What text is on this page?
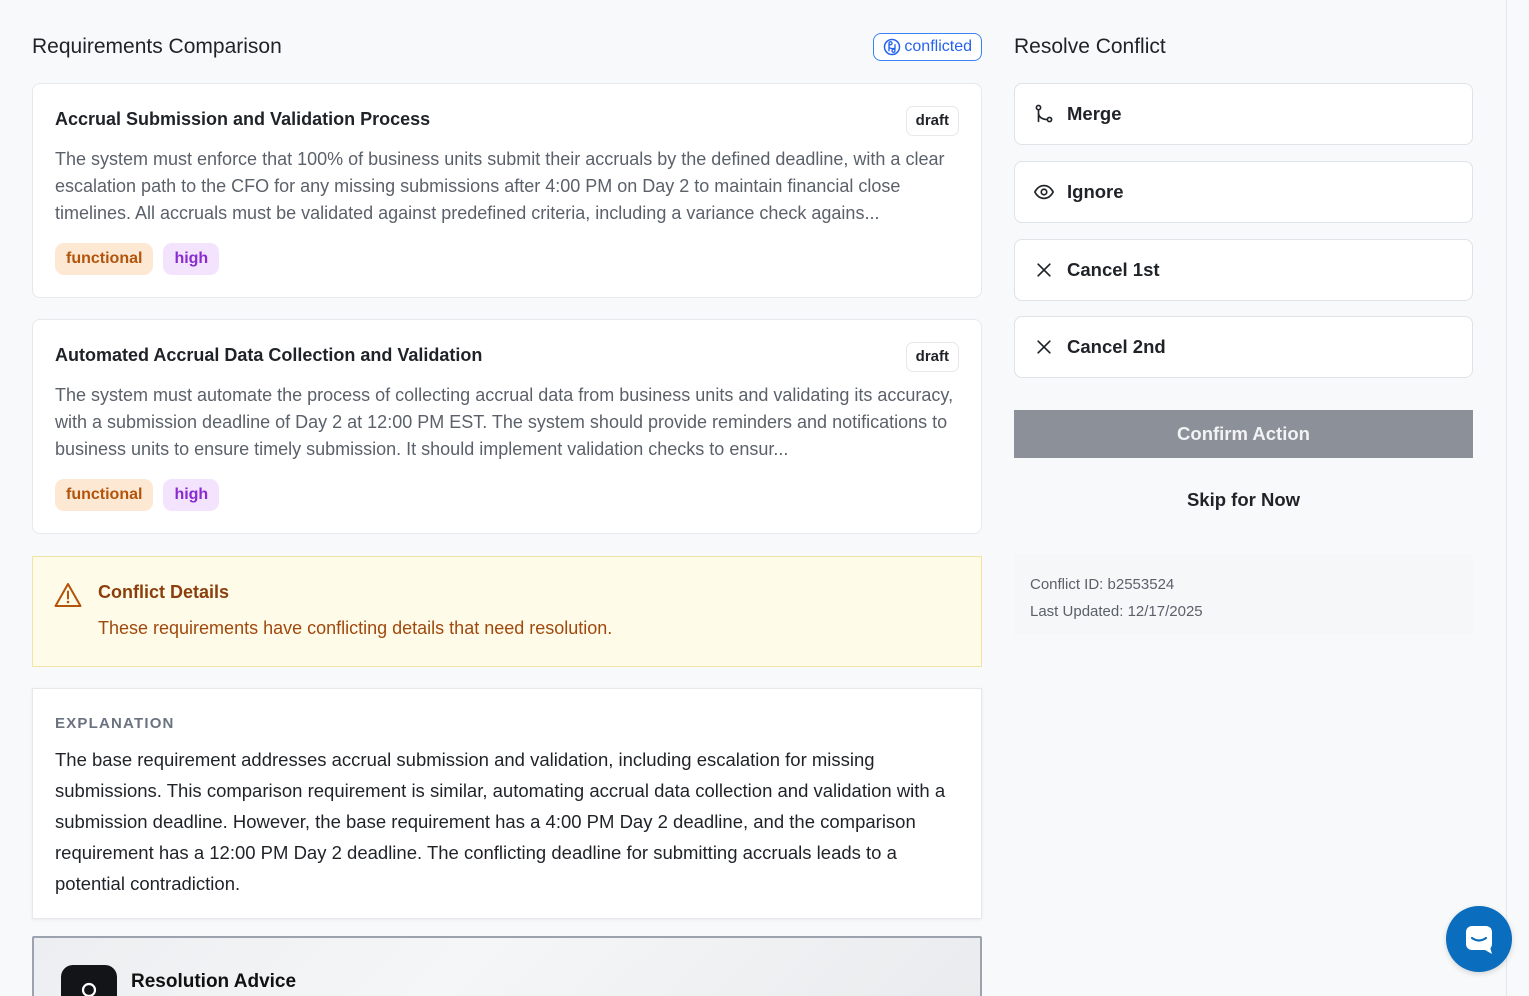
Requirements Comparison	conflicted
Accrual Submission and Validation Process	draft
The system must enforce that 100% of business units submit their accruals by the defined deadline, with a clear escalation path to the CFO for any missing submissions after 4:00 PM on Day 2 to maintain financial close timelines. All accruals must be validated against predefined criteria, including a variance check agains...
functional	high
Automated Accrual Data Collection and Validation	draft
The system must automate the process of collecting accrual data from business units and validating its accuracy, with a submission deadline of Day 2 at 12:00 PM EST. The system should provide reminders and notifications to business units to ensure timely submission. It should implement validation checks to ensur...
functional	high
Conflict Details
These requirements have conflicting details that need resolution.
EXPLANATION
The base requirement addresses accrual submission and validation, including escalation for missing submissions. This comparison requirement is similar, automating accrual data collection and validation with a submission deadline. However, the base requirement has a 4:00 PM Day 2 deadline, and the comparison requirement has a 12:00 PM Day 2 deadline. The conflicting deadline for submitting accruals leads to a potential contradiction.
Resolution Advice
Resolve Conflict
Merge
Ignore
Cancel 1st
Cancel 2nd
Confirm Action
Skip for Now
Conflict ID: b2553524
Last Updated: 12/17/2025
